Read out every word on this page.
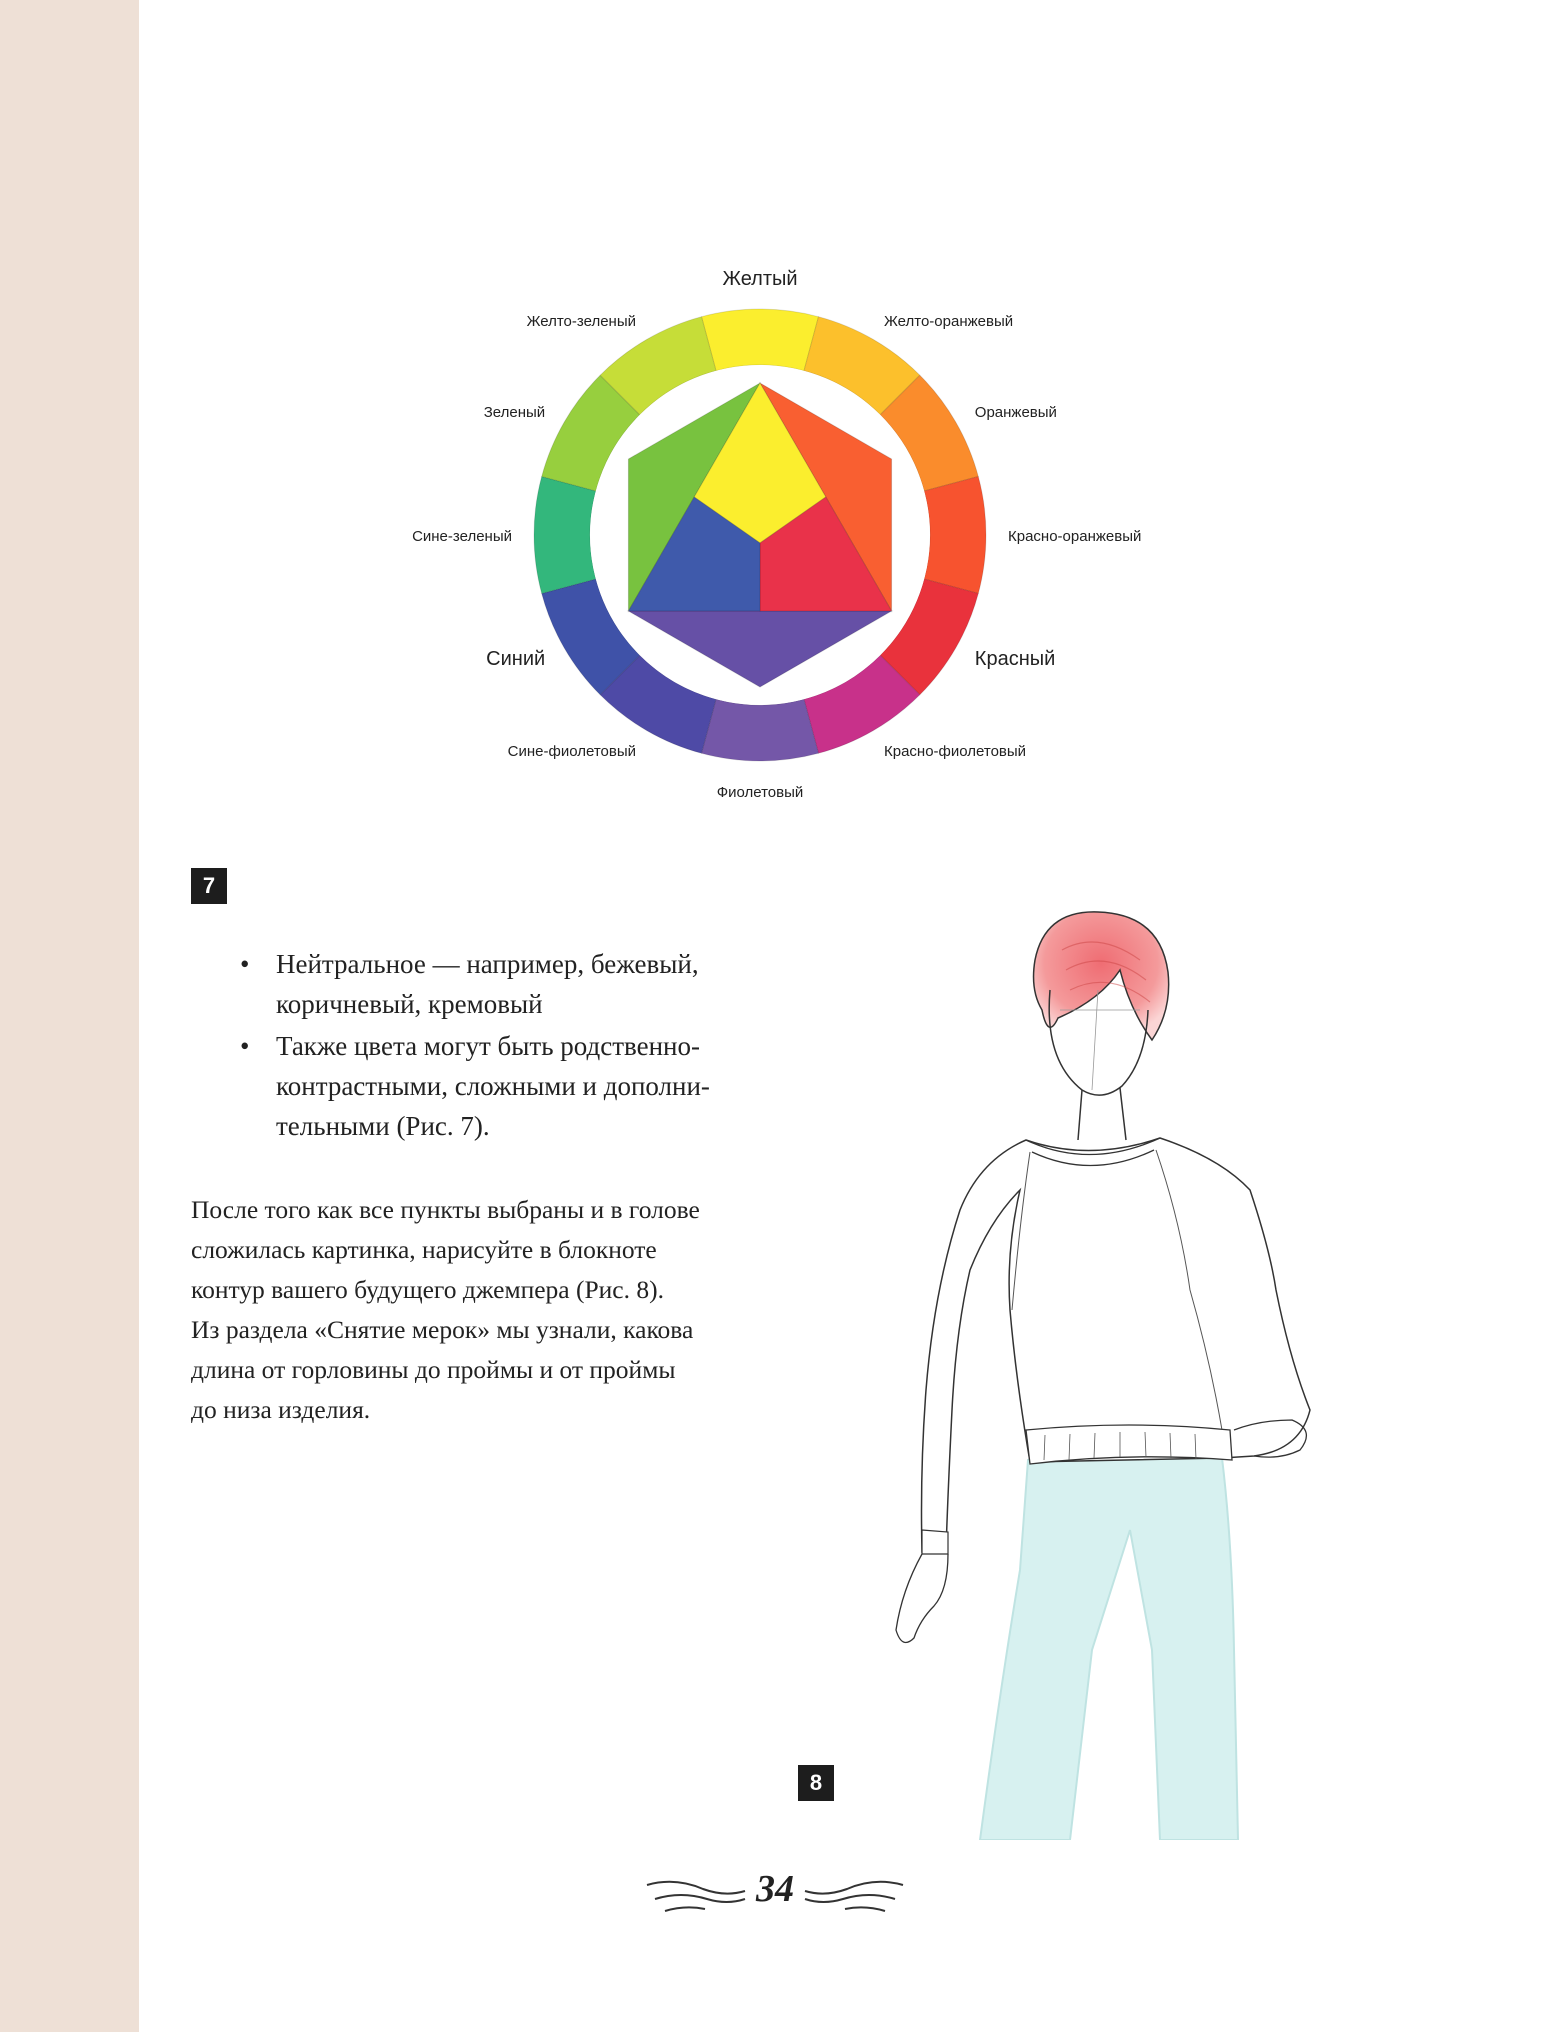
Желтый
Желто-оранжевый
Оранжевый
Красно-оранжевый
Красный
Красно-фиолетовый
Фиолетовый
Сине-фиолетовый
Синий
Сине-зеленый
Зеленый
Желто-зеленый
7
• Нейтральное — например, бежевый, коричневый, кремовый
• Также цвета могут быть родственно-контрастными, сложными и дополни-тельными (Рис. 7).

После того как все пункты выбраны и в голове
сложилась картинка, нарисуйте в блокноте
контур вашего будущего джемпера (Рис. 8).
Из раздела «Снятие мерок» мы узнали, какова
длина от горловины до проймы и от проймы
до низа изделия.

8
34
